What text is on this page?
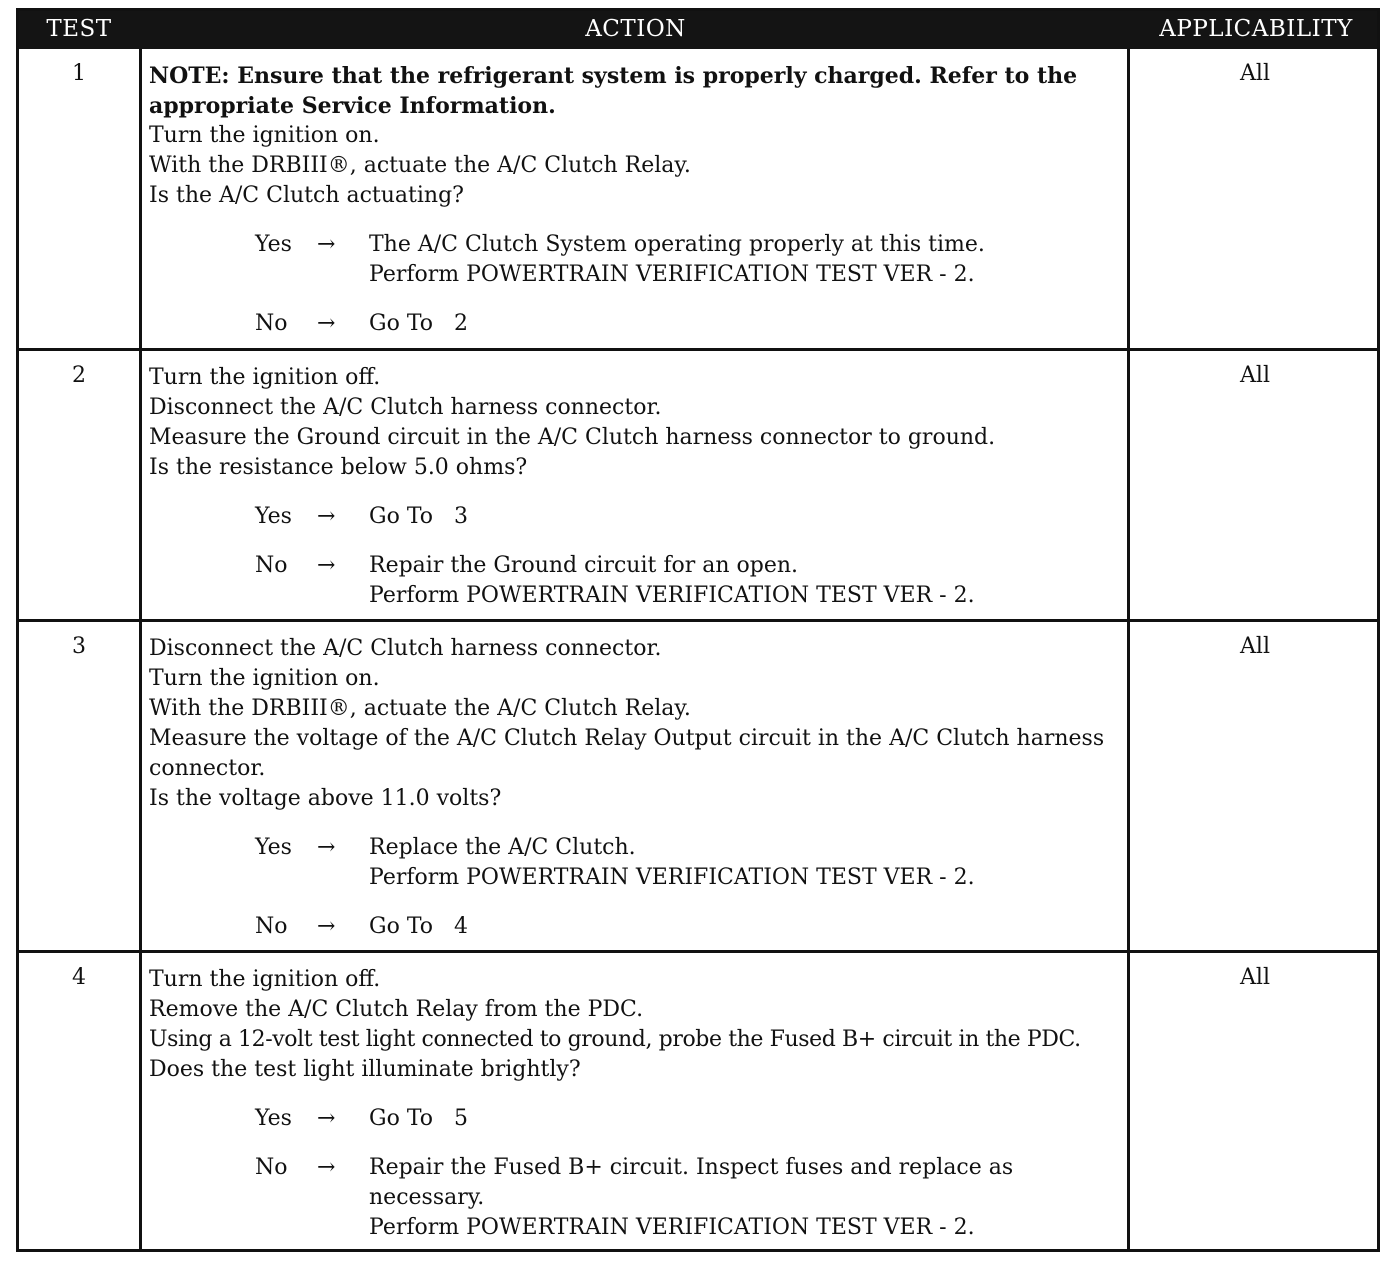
TEST	ACTION	APPLICABILITY
1	NOTE: Ensure that the refrigerant system is properly charged. Refer to the appropriate Service Information.
Turn the ignition on.
With the DRBIII®, actuate the A/C Clutch Relay.
Is the A/C Clutch actuating?
Yes	→	The A/C Clutch System operating properly at this time.
Perform POWERTRAIN VERIFICATION TEST VER - 2.
No	→	Go To   2
All
2	Turn the ignition off.
Disconnect the A/C Clutch harness connector.
Measure the Ground circuit in the A/C Clutch harness connector to ground.
Is the resistance below 5.0 ohms?
Yes	→	Go To   3
No	→	Repair the Ground circuit for an open.
Perform POWERTRAIN VERIFICATION TEST VER - 2.
All
3	Disconnect the A/C Clutch harness connector.
Turn the ignition on.
With the DRBIII®, actuate the A/C Clutch Relay.
Measure the voltage of the A/C Clutch Relay Output circuit in the A/C Clutch harness connector.
Is the voltage above 11.0 volts?
Yes	→	Replace the A/C Clutch.
Perform POWERTRAIN VERIFICATION TEST VER - 2.
No	→	Go To   4
All
4	Turn the ignition off.
Remove the A/C Clutch Relay from the PDC.
Using a 12-volt test light connected to ground, probe the Fused B+ circuit in the PDC.
Does the test light illuminate brightly?
Yes	→	Go To   5
No	→	Repair the Fused B+ circuit. Inspect fuses and replace as necessary.
Perform POWERTRAIN VERIFICATION TEST VER - 2.
All
